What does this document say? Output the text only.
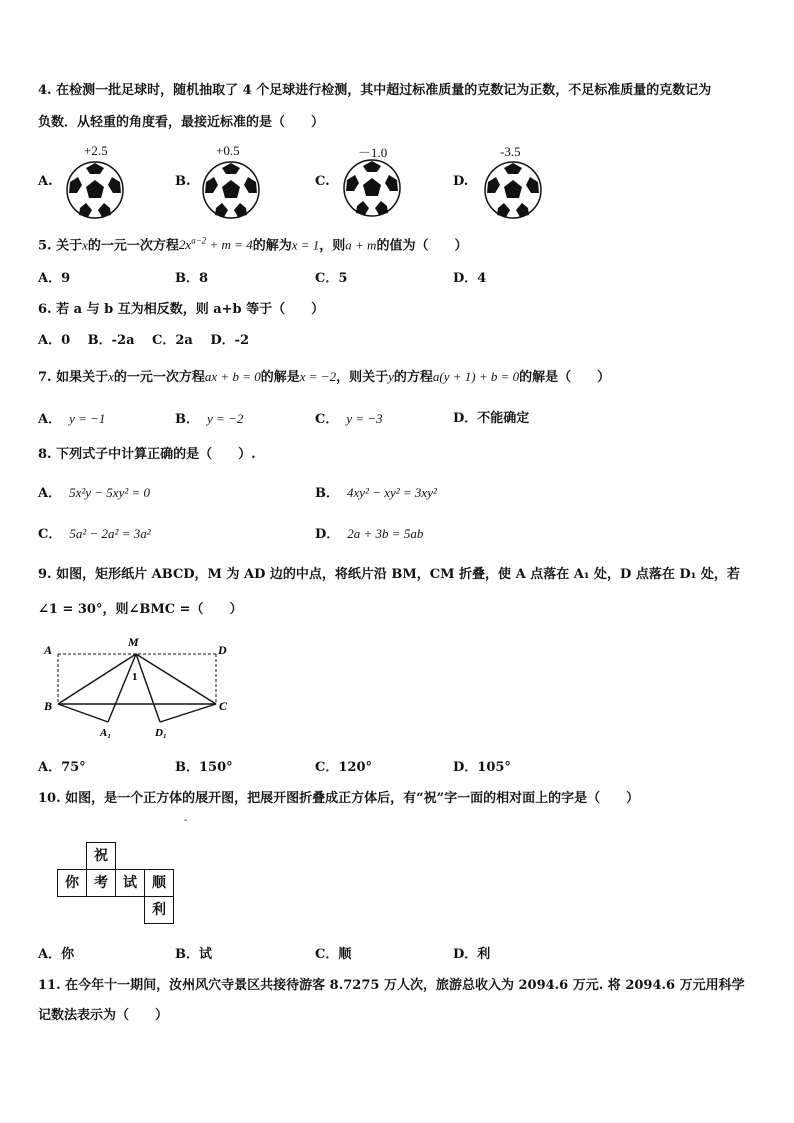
4. 在检测一批足球时，随机抽取了 4 个足球进行检测，其中超过标准质量的克数记为正数，不足标准质量的克数记为
负数．从轻重的角度看，最接近标准的是（　　）
A.	B.	C.	D.
+2.5	+0.5	－1.0	-3.5
5. 关于x的一元一次方程$2x^{a-2} + m = 4$的解为x = 1，则a + m的值为（　　）
A．9	B．8	C．5	D．4
6. 若 a 与 b 互为相反数，则 a+b 等于（　　）
A．0　 B．-2a　 C．2a　 D．-2
7. 如果关于x的一元一次方程ax + b = 0的解是x = −2，则关于y的方程a(y + 1) + b = 0的解是（　　）
A． y = −1	B． y = −2	C． y = −3	D．不能确定
8. 下列式子中计算正确的是（　　）.
A． 5x²y − 5xy² = 0	B． 4xy² − xy² = 3xy²
C． 5a² − 2a² = 3a²	D． 2a + 3b = 5ab
9. 如图，矩形纸片 ABCD，M 为 AD 边的中点，将纸片沿 BM，CM 折叠，使 A 点落在 A₁ 处，D 点落在 D₁ 处，若
∠1 = 30°，则∠BMC =（　　）
A	D
M
B	C
1
A₁	D₁
A．75°	B．150°	C．120°	D．105°
10. 如图，是一个正方体的展开图，把展开图折叠成正方体后，有“祝”字一面的相对面上的字是（　　）
-
祝
你	考	试	顺
利
A．你	B．试	C．顺	D．利
11. 在今年十一期间，汝州风穴寺景区共接待游客 8.7275 万人次，旅游总收入为 2094.6 万元. 将 2094.6 万元用科学
记数法表示为（　　）
